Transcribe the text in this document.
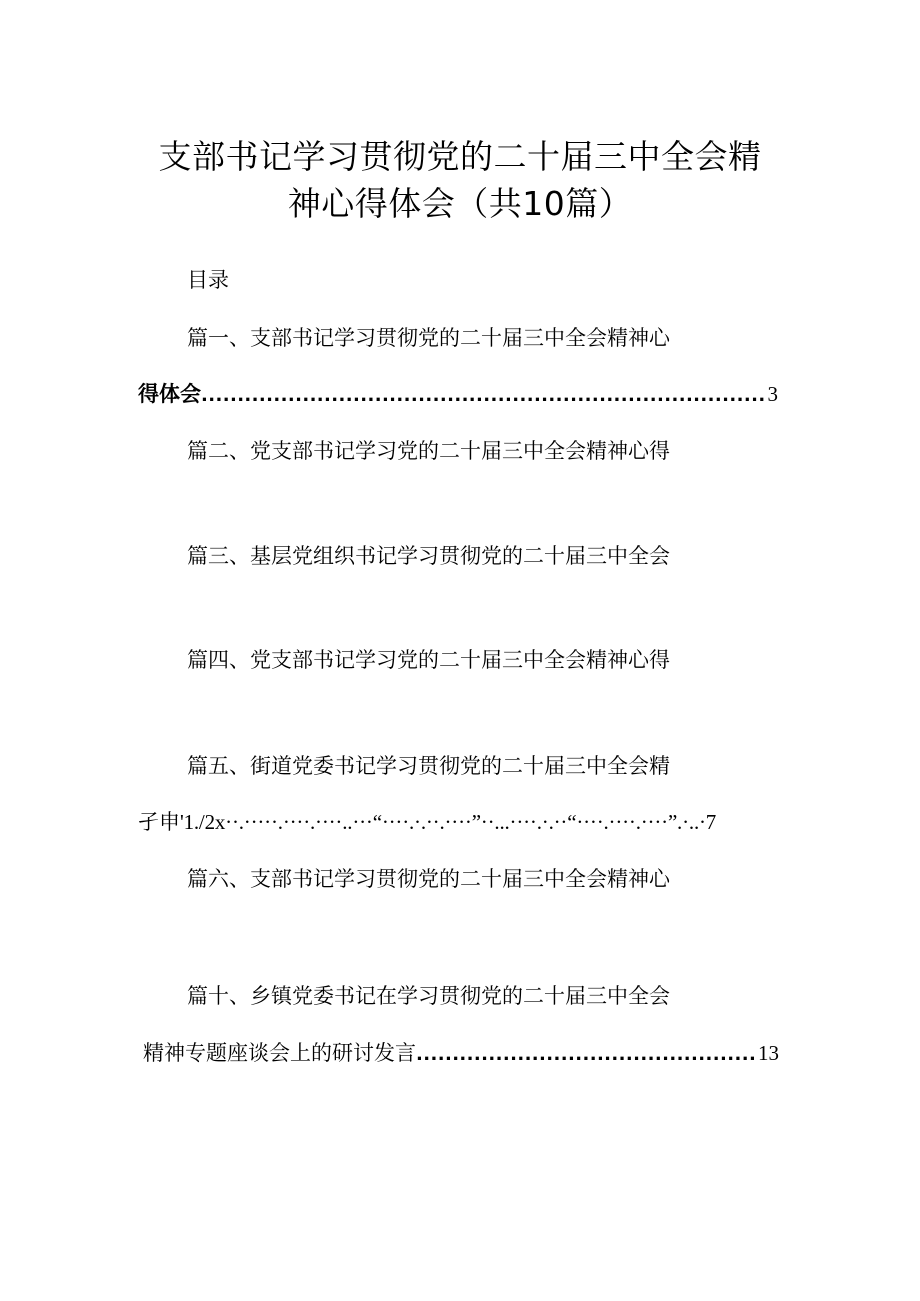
支部书记学习贯彻党的二十届三中全会精
神心得体会（共10篇）
目录
篇一、支部书记学习贯彻党的二十届三中全会精神心
得体会 .....	3
篇二、党支部书记学习党的二十届三中全会精神心得
篇三、基层党组织书记学习贯彻党的二十届三中全会
篇四、党支部书记学习党的二十届三中全会精神心得
篇五、街道党委书记学习贯彻党的二十届三中全会精
孑申'1./2x··.·····.····.····..···“····.·.··.····”··...····.·.··“····.····.····”.·..·7
篇六、支部书记学习贯彻党的二十届三中全会精神心
篇十、乡镇党委书记在学习贯彻党的二十届三中全会
精神专题座谈会上的研讨发言 .....	13
